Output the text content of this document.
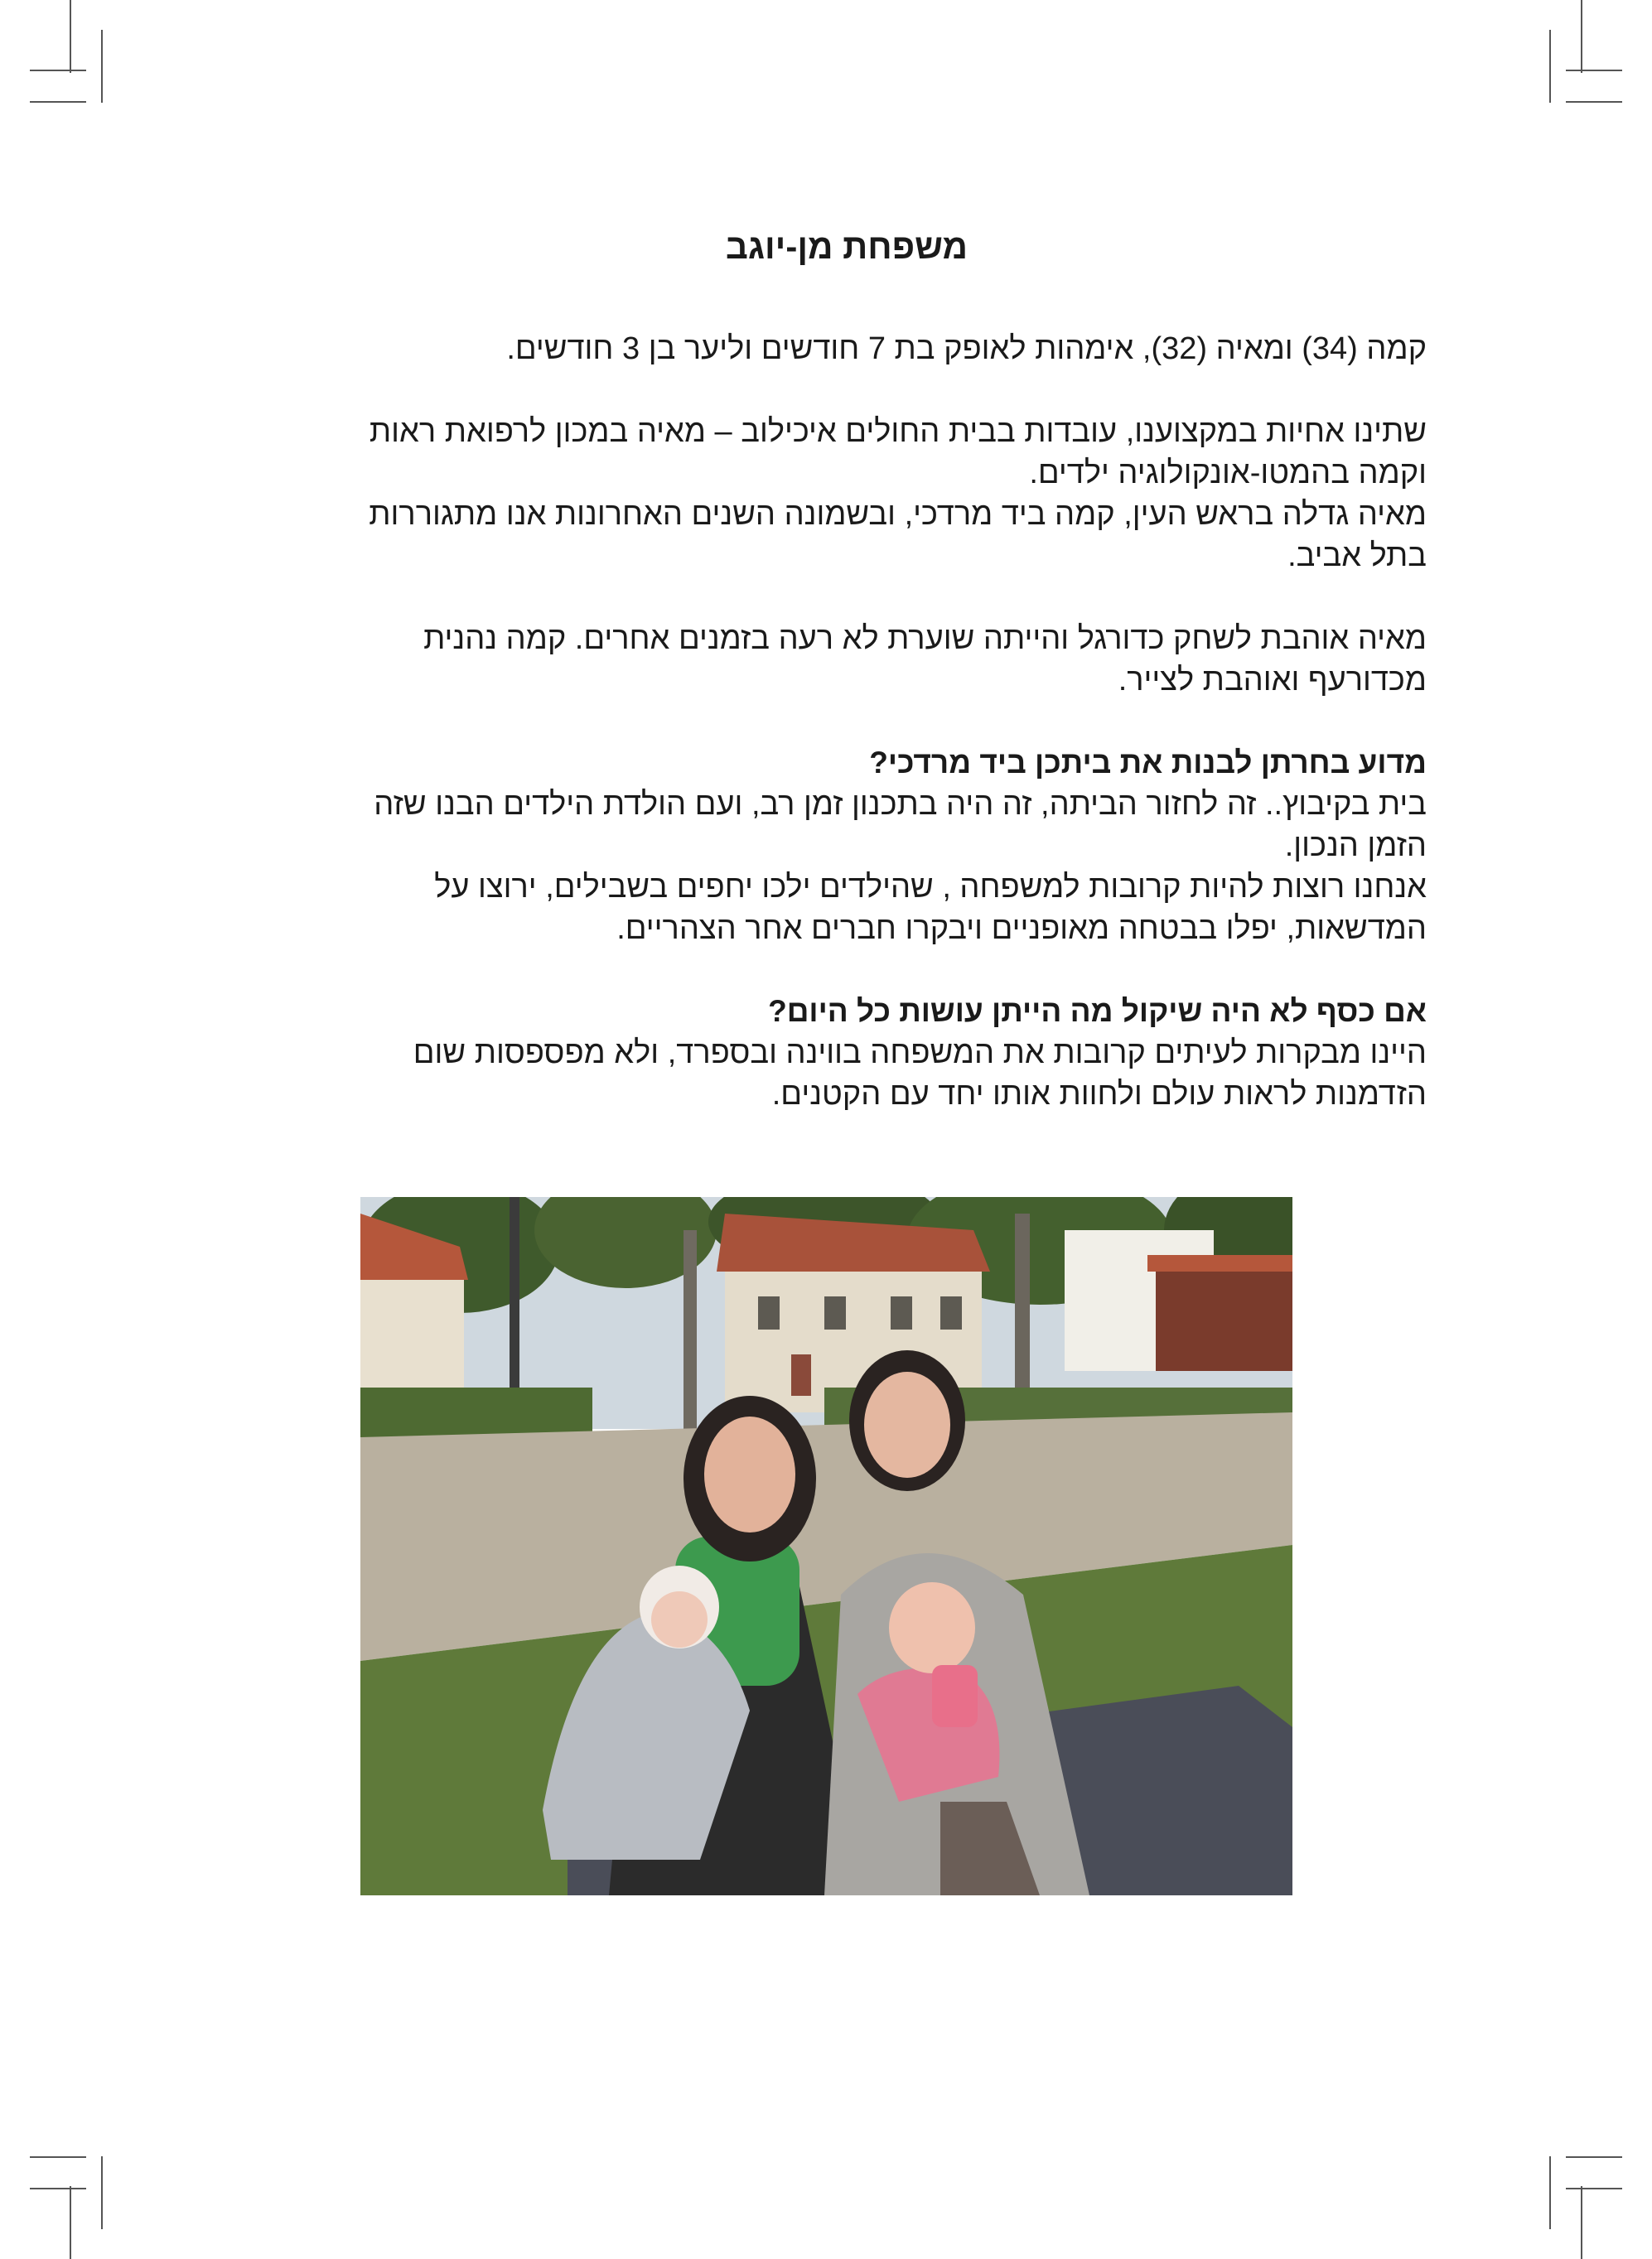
משפחת מן-יוגב
קמה (34) ומאיה (32), אימהות לאופק בת 7 חודשים וליער בן 3 חודשים.
שתינו אחיות במקצוענו, עובדות בבית החולים איכילוב – מאיה במכון לרפואת ראות
וקמה בהמטו-אונקולוגיה ילדים.
מאיה גדלה בראש העין, קמה ביד מרדכי, ובשמונה השנים האחרונות אנו מתגוררות
בתל אביב.
מאיה אוהבת לשחק כדורגל והייתה שוערת לא רעה בזמנים אחרים. קמה נהנית
מכדורעף ואוהבת לצייר.
מדוע בחרתן לבנות את ביתכן ביד מרדכי?
בית בקיבוץ.. זה לחזור הביתה, זה היה בתכנון זמן רב, ועם הולדת הילדים הבנו שזה
הזמן הנכון.
אנחנו רוצות להיות קרובות למשפחה , שהילדים ילכו יחפים בשבילים, ירוצו על
המדשאות, יפלו בבטחה מאופניים ויבקרו חברים אחר הצהריים.
אם כסף לא היה שיקול מה הייתן עושות כל היום?
היינו מבקרות לעיתים קרובות את המשפחה בווינה ובספרד, ולא מפספסות שום
הזדמנות לראות עולם ולחוות אותו יחד עם הקטנים.
